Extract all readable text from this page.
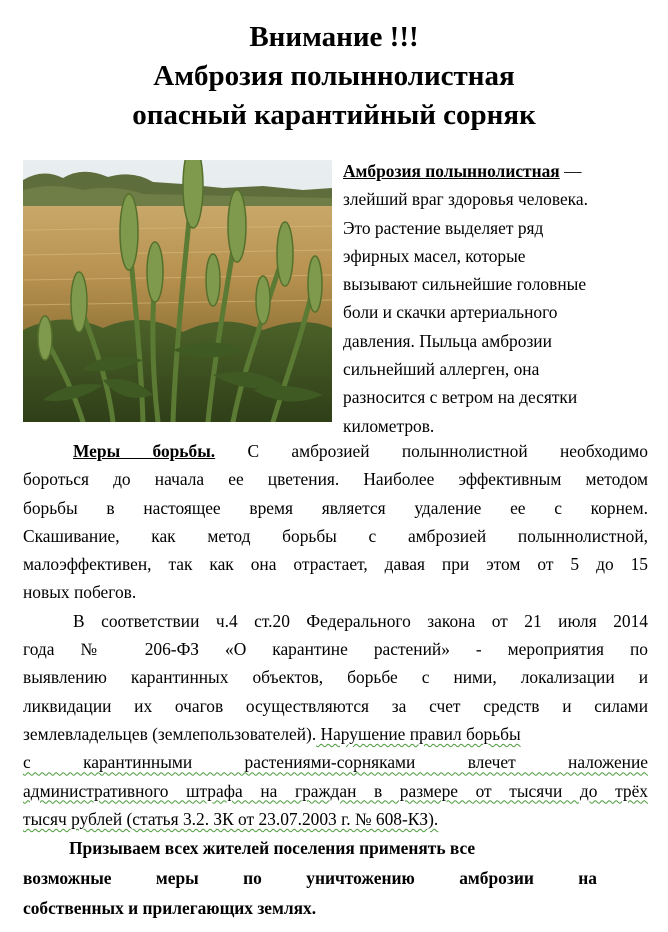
Внимание !!!
Амброзия полыннолистная
опасный карантийный сорняк
Амброзия полыннолистная —
злейший враг здоровья человека.
Это растение выделяет ряд
эфирных масел, которые
вызывают сильнейшие головные
боли и скачки артериального
давления. Пыльца амброзии
сильнейший аллерген, она
разносится с ветром на десятки
километров.
Меры борьбы. С амброзией полыннолистной необходимо
бороться до начала ее цветения. Наиболее эффективным методом
борьбы в настоящее время является удаление ее с корнем.
Скашивание, как метод борьбы с амброзией полыннолистной,
малоэффективен, так как она отрастает, давая при этом от 5 до 15
новых побегов.
В соответствии ч.4 ст.20 Федерального закона от 21 июля 2014
года № 206-ФЗ «О карантине растений» - мероприятия по
выявлению карантинных объектов, борьбе с ними, локализации и
ликвидации их очагов осуществляются за счет средств и силами
землевладельцев (землепользователей). Нарушение правил борьбы
с карантинными растениями-сорняками влечет наложение
административного штрафа на граждан в размере от тысячи до трёх
тысяч рублей (статья 3.2. ЗК от 23.07.2003 г. № 608-КЗ).
Призываем всех жителей поселения применять все
возможные меры по уничтожению амброзии на
собственных и прилегающих землях.
